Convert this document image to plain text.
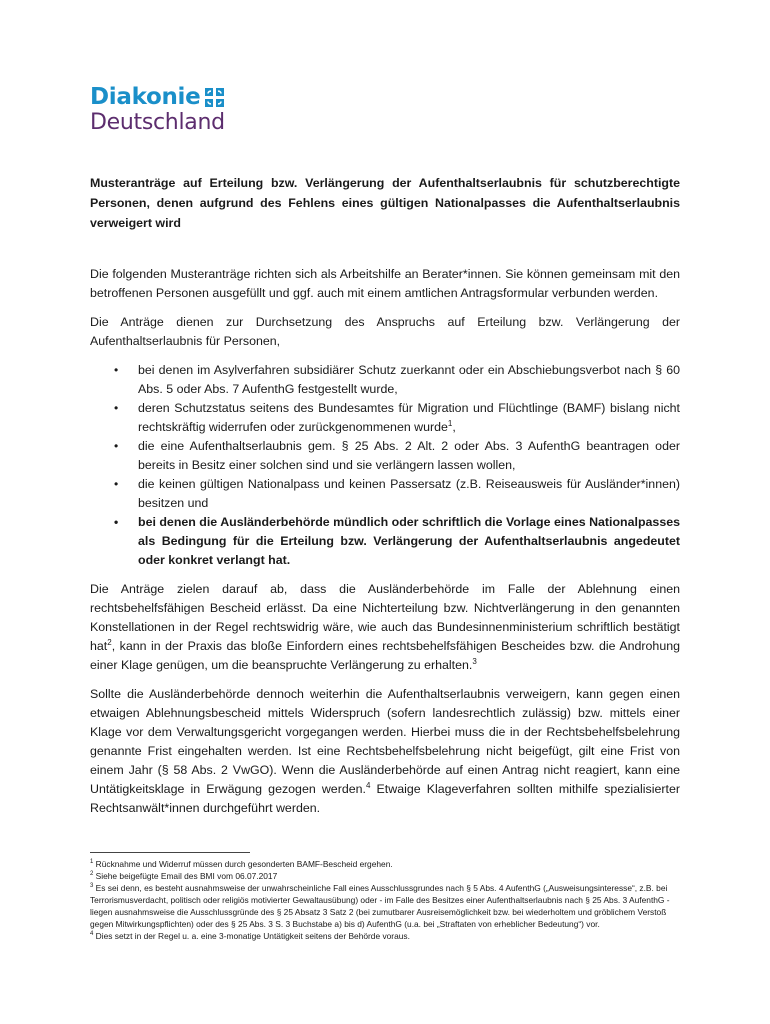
Diakonie
Deutschland

Musteranträge auf Erteilung bzw. Verlängerung der Aufenthaltserlaubnis für schutzberechtigte Personen, denen aufgrund des Fehlens eines gültigen Nationalpasses die Aufenthaltserlaubnis verweigert wird

Die folgenden Musteranträge richten sich als Arbeitshilfe an Berater*innen. Sie können gemeinsam mit den betroffenen Personen ausgefüllt und ggf. auch mit einem amtlichen Antragsformular verbunden werden.

Die Anträge dienen zur Durchsetzung des Anspruchs auf Erteilung bzw. Verlängerung der Aufenthaltserlaubnis für Personen,

• bei denen im Asylverfahren subsidiärer Schutz zuerkannt oder ein Abschiebungsverbot nach § 60 Abs. 5 oder Abs. 7 AufenthG festgestellt wurde,
• deren Schutzstatus seitens des Bundesamtes für Migration und Flüchtlinge (BAMF) bislang nicht rechtskräftig widerrufen oder zurückgenommenen wurde$^1$,
• die eine Aufenthaltserlaubnis gem. § 25 Abs. 2 Alt. 2 oder Abs. 3 AufenthG beantragen oder bereits in Besitz einer solchen sind und sie verlängern lassen wollen,
• die keinen gültigen Nationalpass und keinen Passersatz (z.B. Reiseausweis für Ausländer*innen) besitzen und
• bei denen die Ausländerbehörde mündlich oder schriftlich die Vorlage eines Nationalpasses als Bedingung für die Erteilung bzw. Verlängerung der Aufenthaltserlaubnis angedeutet oder konkret verlangt hat.

Die Anträge zielen darauf ab, dass die Ausländerbehörde im Falle der Ablehnung einen rechtsbehelfsfähigen Bescheid erlässt. Da eine Nichterteilung bzw. Nichtverlängerung in den genannten Konstellationen in der Regel rechtswidrig wäre, wie auch das Bundesinnenministerium schriftlich bestätigt hat$^2$, kann in der Praxis das bloße Einfordern eines rechtsbehelfsfähigen Bescheides bzw. die Androhung einer Klage genügen, um die beanspruchte Verlängerung zu erhalten.$^3$

Sollte die Ausländerbehörde dennoch weiterhin die Aufenthaltserlaubnis verweigern, kann gegen einen etwaigen Ablehnungsbescheid mittels Widerspruch (sofern landesrechtlich zulässig) bzw. mittels einer Klage vor dem Verwaltungsgericht vorgegangen werden. Hierbei muss die in der Rechtsbehelfsbelehrung genannte Frist eingehalten werden. Ist eine Rechtsbehelfsbelehrung nicht beigefügt, gilt eine Frist von einem Jahr (§ 58 Abs. 2 VwGO). Wenn die Ausländerbehörde auf einen Antrag nicht reagiert, kann eine Untätigkeitsklage in Erwägung gezogen werden.$^4$ Etwaige Klageverfahren sollten mithilfe spezialisierter Rechtsanwält*innen durchgeführt werden.

$^1$ Rücknahme und Widerruf müssen durch gesonderten BAMF-Bescheid ergehen.

$^2$ Siehe beigefügte Email des BMI vom 06.07.2017

$^3$ Es sei denn, es besteht ausnahmsweise der unwahrscheinliche Fall eines Ausschlussgrundes nach § 5 Abs. 4 AufenthG („Ausweisungsinteresse“, z.B. bei Terrorismusverdacht, politisch oder religiös motivierter Gewaltausübung) oder - im Falle des Besitzes einer Aufenthaltserlaubnis nach § 25 Abs. 3 AufenthG - liegen ausnahmsweise die Ausschlussgründe des § 25 Absatz 3 Satz 2 (bei zumutbarer Ausreisemöglichkeit bzw. bei wiederholtem und gröblichem Verstoß gegen Mitwirkungspflichten) oder des § 25 Abs. 3 S. 3 Buchstabe a) bis d) AufenthG (u.a. bei „Straftaten von erheblicher Bedeutung“) vor.

$^4$ Dies setzt in der Regel u. a. eine 3-monatige Untätigkeit seitens der Behörde voraus.
